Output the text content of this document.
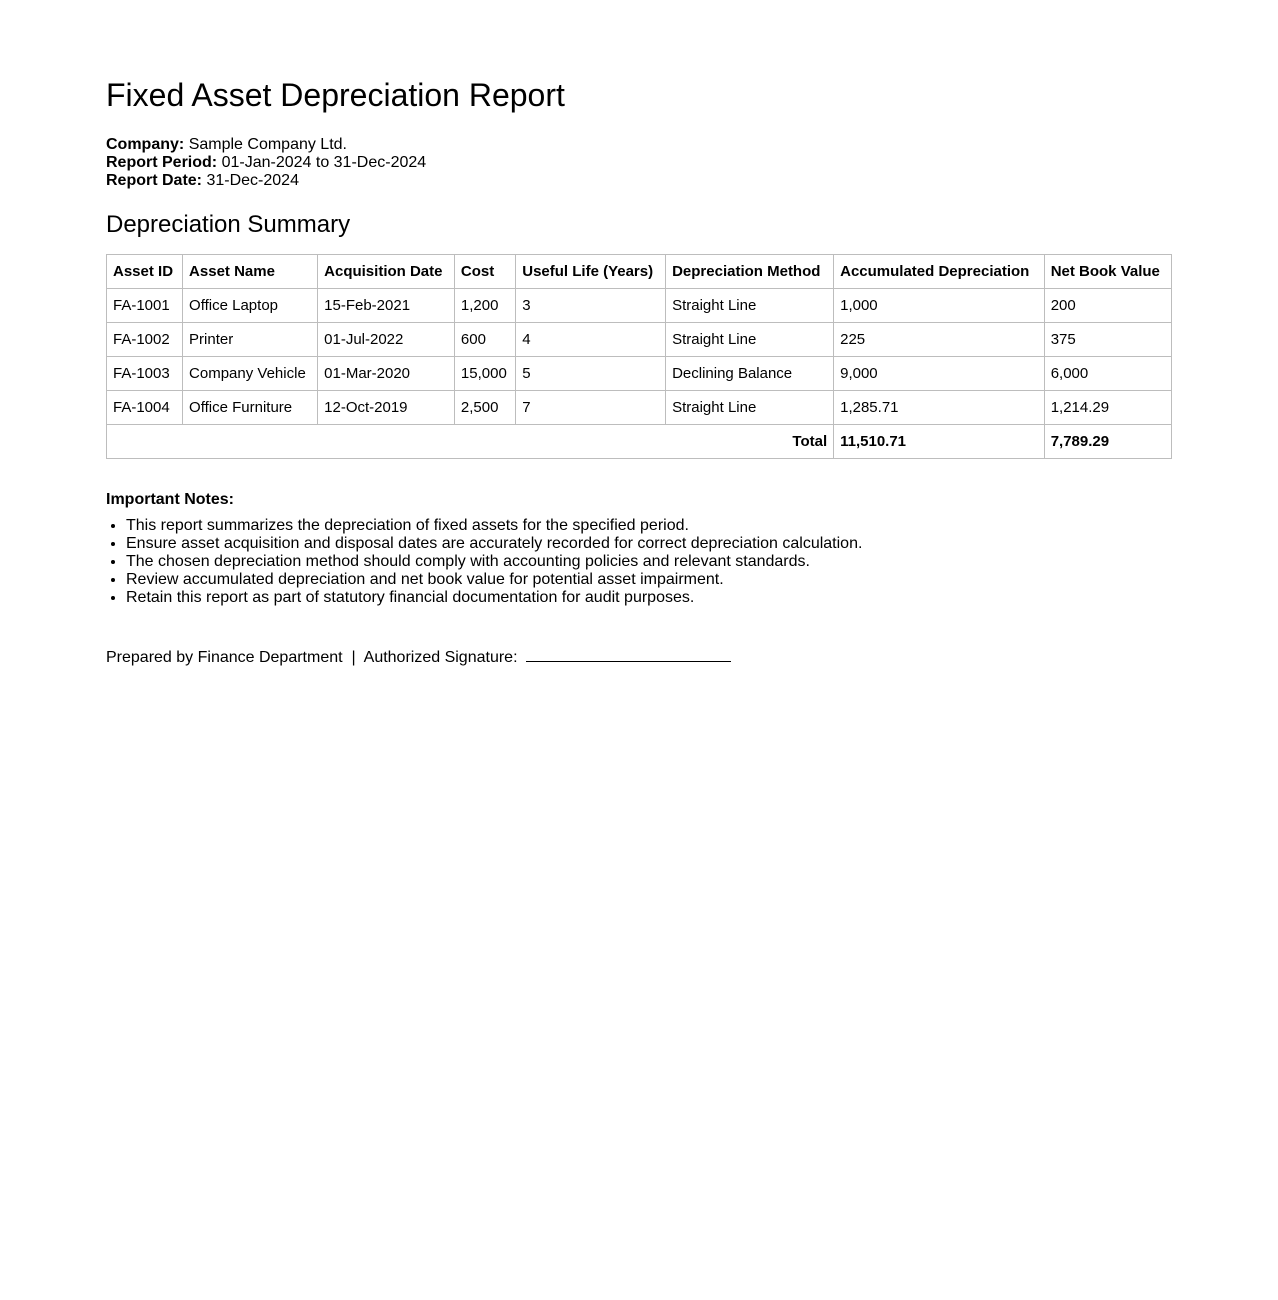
Fixed Asset Depreciation Report
Company: Sample Company Ltd.
Report Period: 01-Jan-2024 to 31-Dec-2024
Report Date: 31-Dec-2024
Depreciation Summary
Asset ID	Asset Name	Acquisition Date	Cost	Useful Life (Years)	Depreciation Method	Accumulated Depreciation	Net Book Value
FA-1001	Office Laptop	15-Feb-2021	1,200	3	Straight Line	1,000	200
FA-1002	Printer	01-Jul-2022	600	4	Straight Line	225	375
FA-1003	Company Vehicle	01-Mar-2020	15,000	5	Declining Balance	9,000	6,000
FA-1004	Office Furniture	12-Oct-2019	2,500	7	Straight Line	1,285.71	1,214.29
Total						11,510.71	7,789.29
Important Notes:
• This report summarizes the depreciation of fixed assets for the specified period.
• Ensure asset acquisition and disposal dates are accurately recorded for correct depreciation calculation.
• The chosen depreciation method should comply with accounting policies and relevant standards.
• Review accumulated depreciation and net book value for potential asset impairment.
• Retain this report as part of statutory financial documentation for audit purposes.
Prepared by Finance Department | Authorized Signature:
